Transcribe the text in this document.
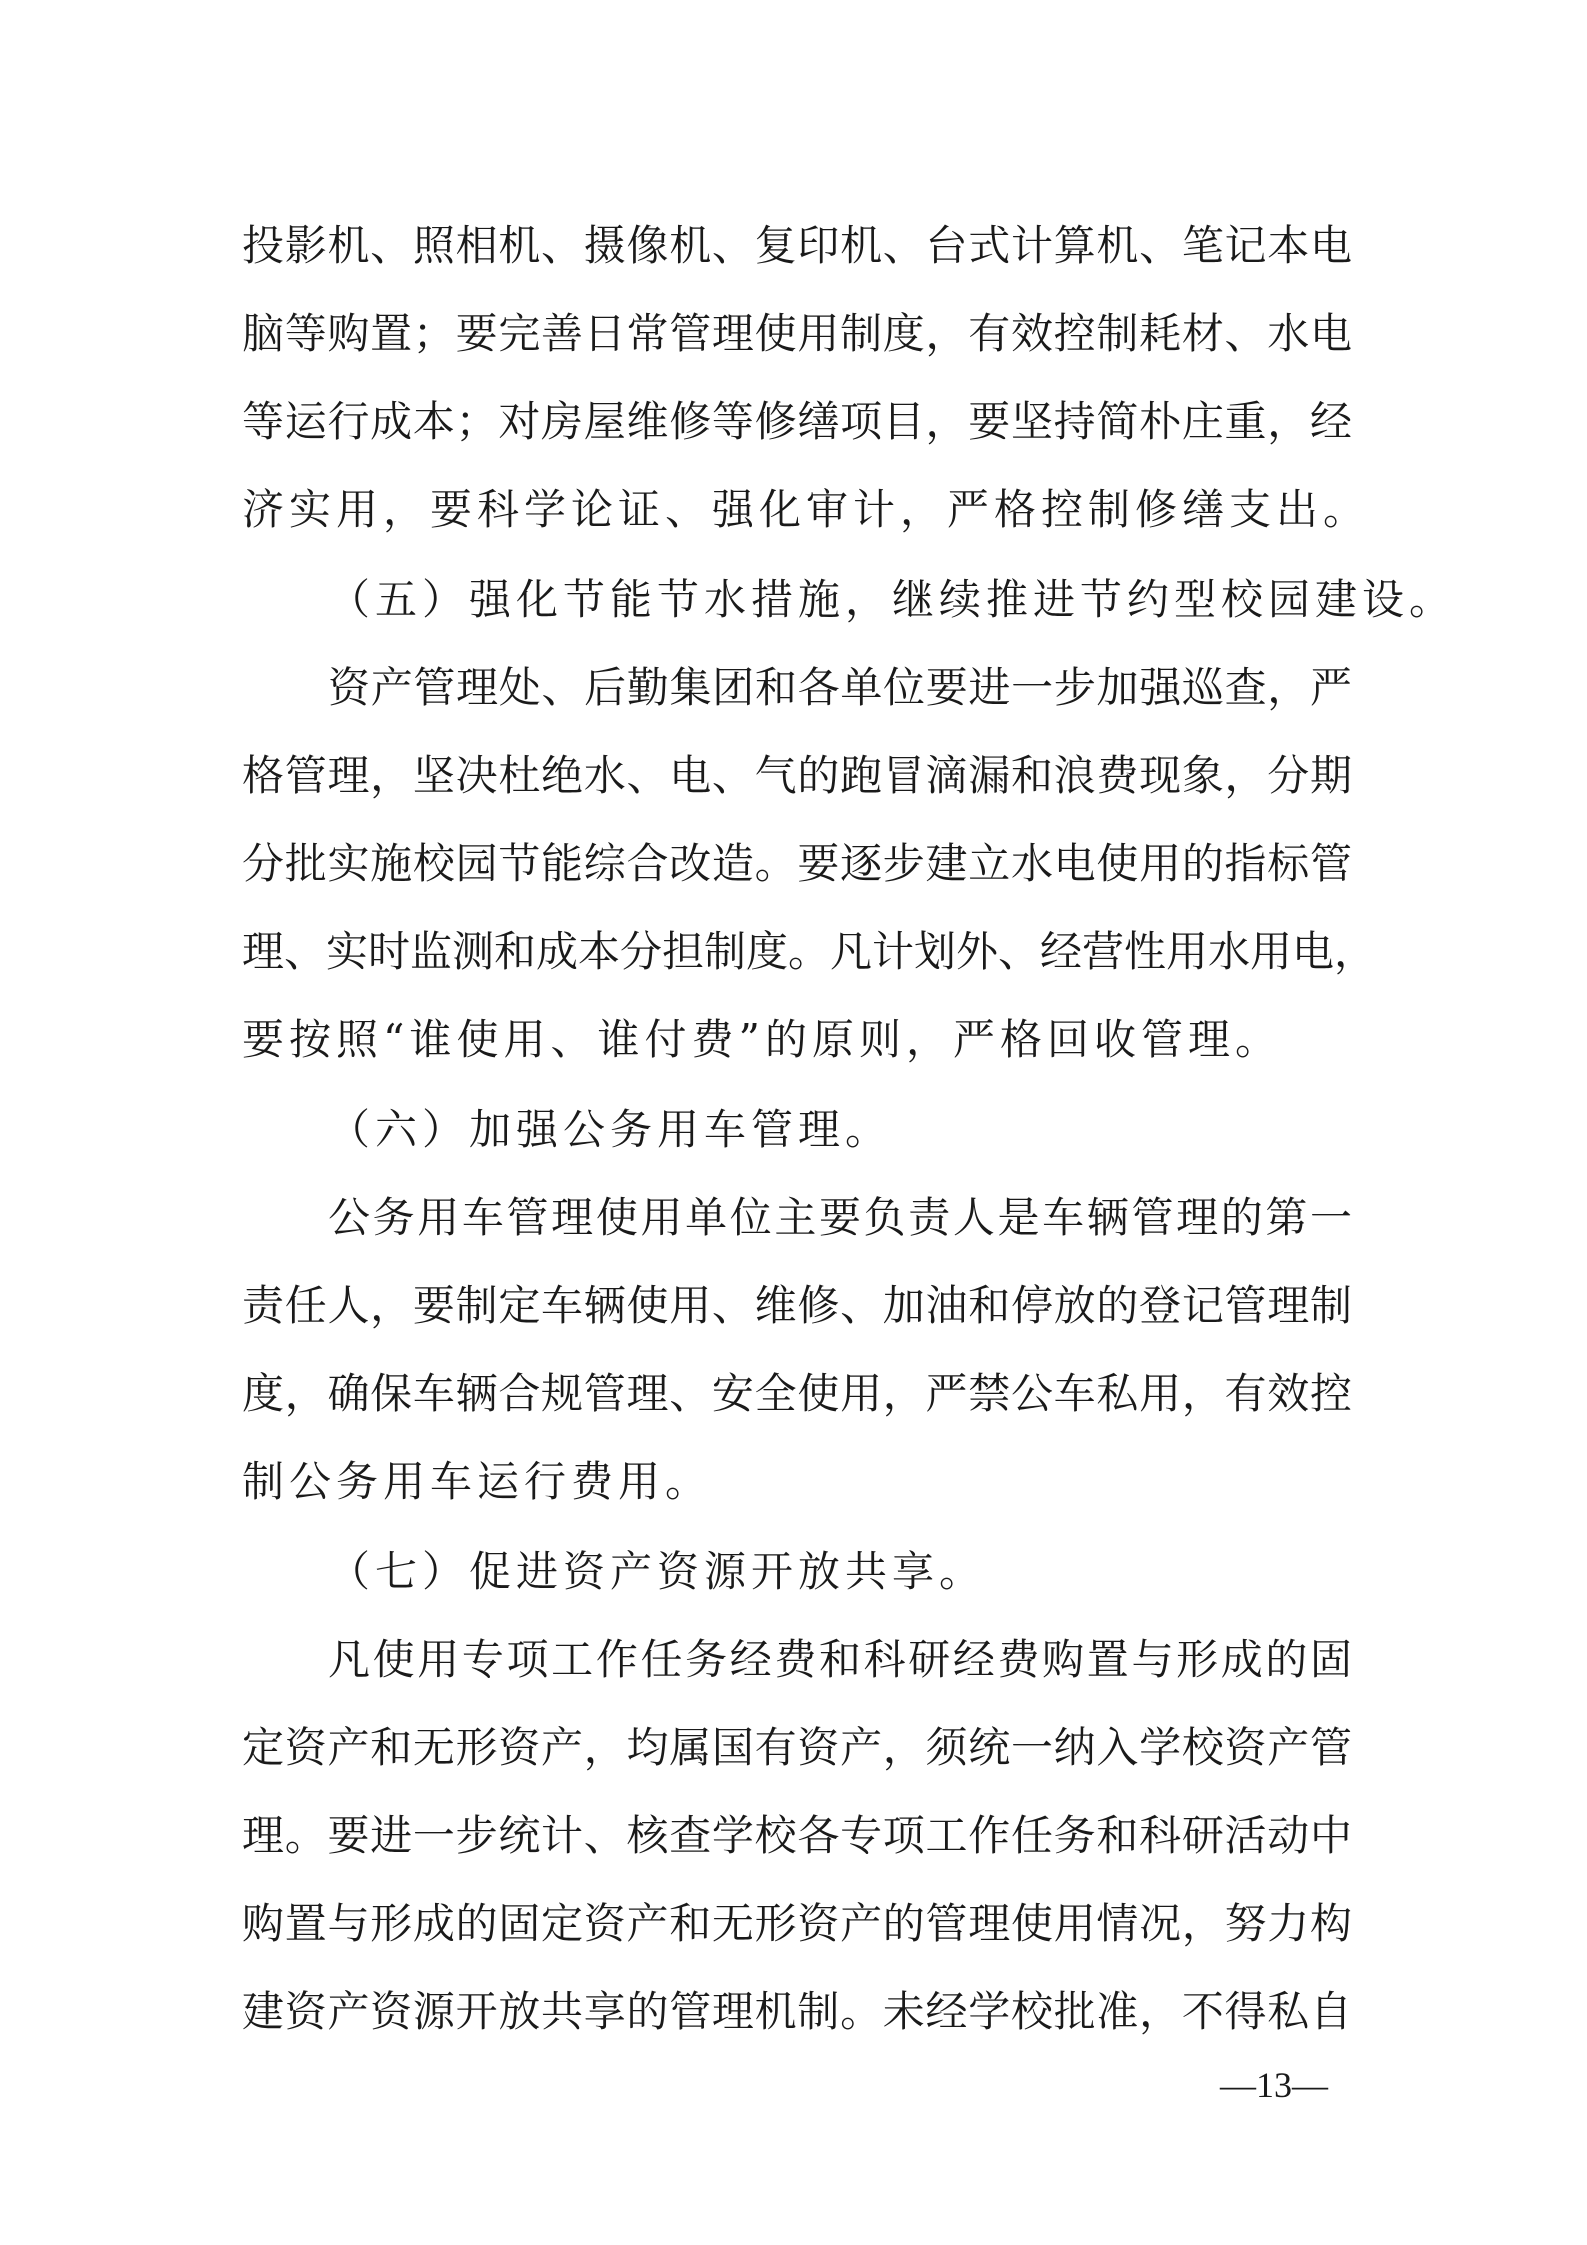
投影机、照相机、摄像机、复印机、台式计算机、笔记本电
脑等购置；要完善日常管理使用制度，有效控制耗材、水电
等运行成本；对房屋维修等修缮项目，要坚持简朴庄重，经
济实用，要科学论证、强化审计，严格控制修缮支出。
（五）强化节能节水措施，继续推进节约型校园建设。
资产管理处、后勤集团和各单位要进一步加强巡查，严
格管理，坚决杜绝水、电、气的跑冒滴漏和浪费现象，分期
分批实施校园节能综合改造。要逐步建立水电使用的指标管
理、实时监测和成本分担制度。凡计划外、经营性用水用电，
要按照“谁使用、谁付费”的原则，严格回收管理。
（六）加强公务用车管理。
公务用车管理使用单位主要负责人是车辆管理的第一
责任人，要制定车辆使用、维修、加油和停放的登记管理制
度，确保车辆合规管理、安全使用，严禁公车私用，有效控
制公务用车运行费用。
（七）促进资产资源开放共享。
凡使用专项工作任务经费和科研经费购置与形成的固
定资产和无形资产，均属国有资产，须统一纳入学校资产管
理。要进一步统计、核查学校各专项工作任务和科研活动中
购置与形成的固定资产和无形资产的管理使用情况，努力构
建资产资源开放共享的管理机制。未经学校批准，不得私自
—13—
